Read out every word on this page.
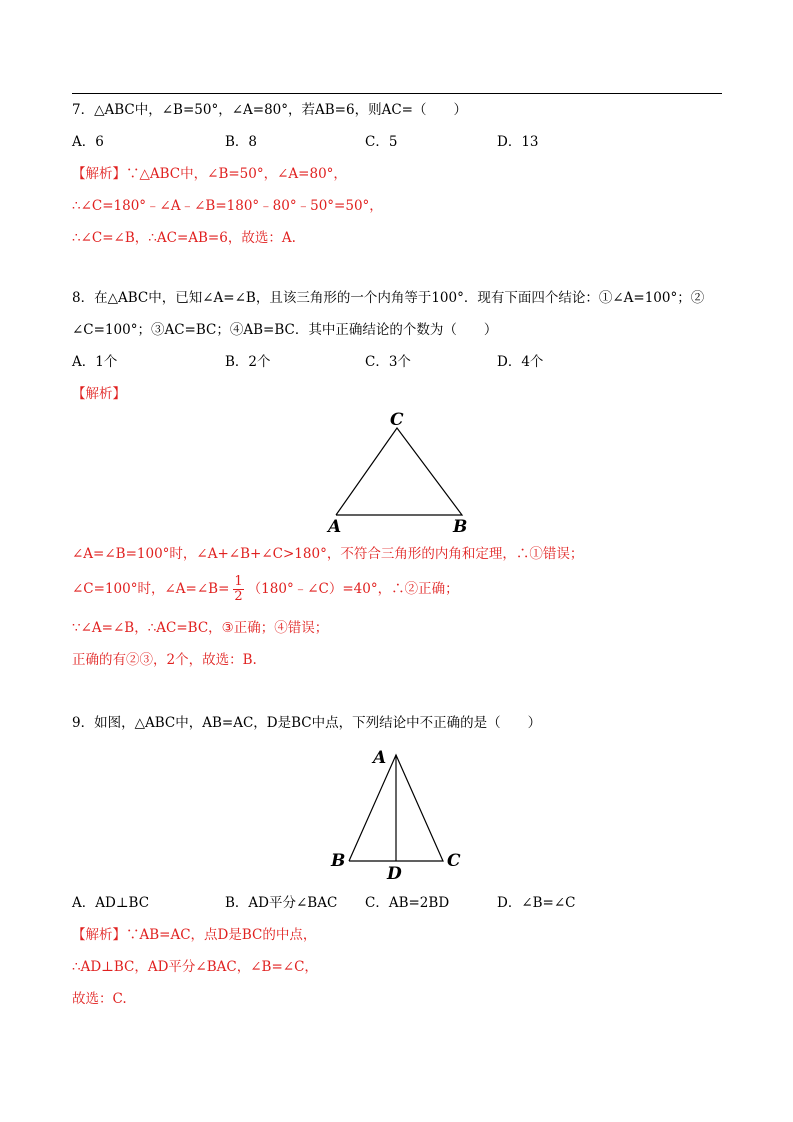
7．△ABC中，∠B=50°，∠A=80°，若AB=6，则AC=（　　）
A．6	B．8	C．5	D．13
【解析】∵△ABC中，∠B=50°，∠A=80°，
∴∠C=180°﹣∠A﹣∠B=180°﹣80°﹣50°=50°，
∴∠C=∠B，∴AC=AB=6，故选：A.
8．在△ABC中，已知∠A=∠B，且该三角形的一个内角等于100°．现有下面四个结论：①∠A=100°；②
∠C=100°；③AC=BC；④AB=BC．其中正确结论的个数为（　　）
A．1个	B．2个	C．3个	D．4个
【解析】
C
A	B
∠A=∠B=100°时，∠A+∠B+∠C>180°，不符合三角形的内角和定理，∴①错误；
∠C=100°时，∠A=∠B= $\frac{1}{2}$ （180°﹣∠C）=40°，∴②正确；
∵∠A=∠B，∴AC=BC，③正确；④错误；
正确的有②③，2个，故选：B.
9．如图，△ABC中，AB=AC，D是BC中点，下列结论中不正确的是（　　）
A
B
D
C
A．AD⊥BC	B．AD平分∠BAC C．AB=2BD	D．∠B=∠C
【解析】∵AB=AC，点D是BC的中点，
∴AD⊥BC，AD平分∠BAC，∠B=∠C，
故选：C.
